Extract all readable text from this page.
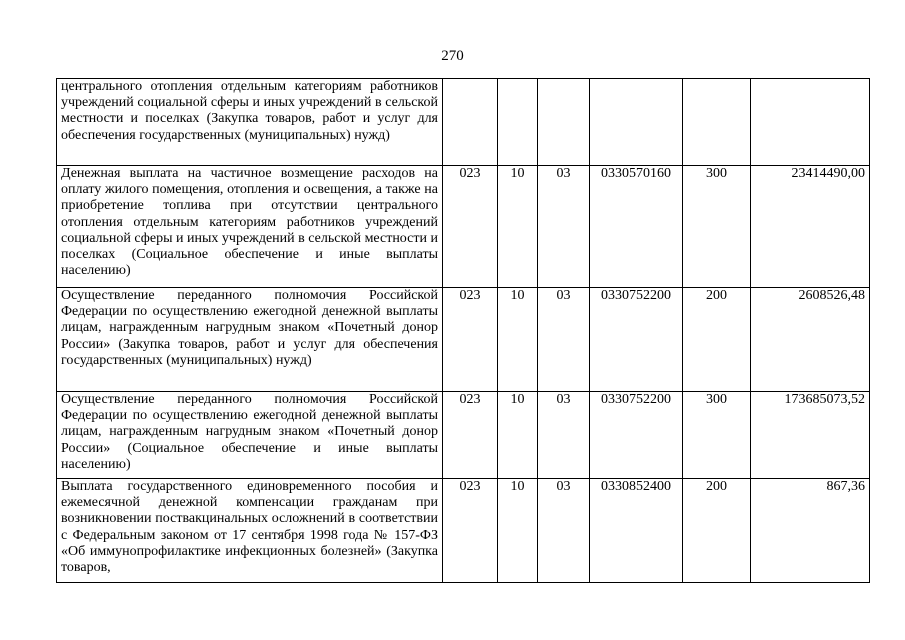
270
центрального отопления отдельным категориям работников учреждений социальной сферы и иных учреждений в сельской местности и поселках (Закупка товаров, работ и услуг для обеспечения государственных (муниципальных) нужд)						
Денежная выплата на частичное возмещение расходов на оплату жилого помещения, отопления и освещения, а также на приобретение топлива при отсутствии центрального отопления отдельным категориям работников учреждений социальной сферы и иных учреждений в сельской местности и поселках (Социальное обеспечение и иные выплаты населению)	023	10	03	0330570160	300	23414490,00
Осуществление переданного полномочия Российской Федерации по осуществлению ежегодной денежной выплаты лицам, награжденным нагрудным знаком «Почетный донор России» (Закупка товаров, работ и услуг для обеспечения государственных (муниципальных) нужд)	023	10	03	0330752200	200	2608526,48
Осуществление переданного полномочия Российской Федерации по осуществлению ежегодной денежной выплаты лицам, награжденным нагрудным знаком «Почетный донор России» (Социальное обеспечение и иные выплаты населению)	023	10	03	0330752200	300	173685073,52
Выплата государственного единовременного пособия и ежемесячной денежной компенсации гражданам при возникновении поствакцинальных осложнений в соответствии с Федеральным законом от 17 сентября 1998 года № 157-ФЗ «Об иммунопрофилактике инфекционных болезней» (Закупка товаров,	023	10	03	0330852400	200	867,36
